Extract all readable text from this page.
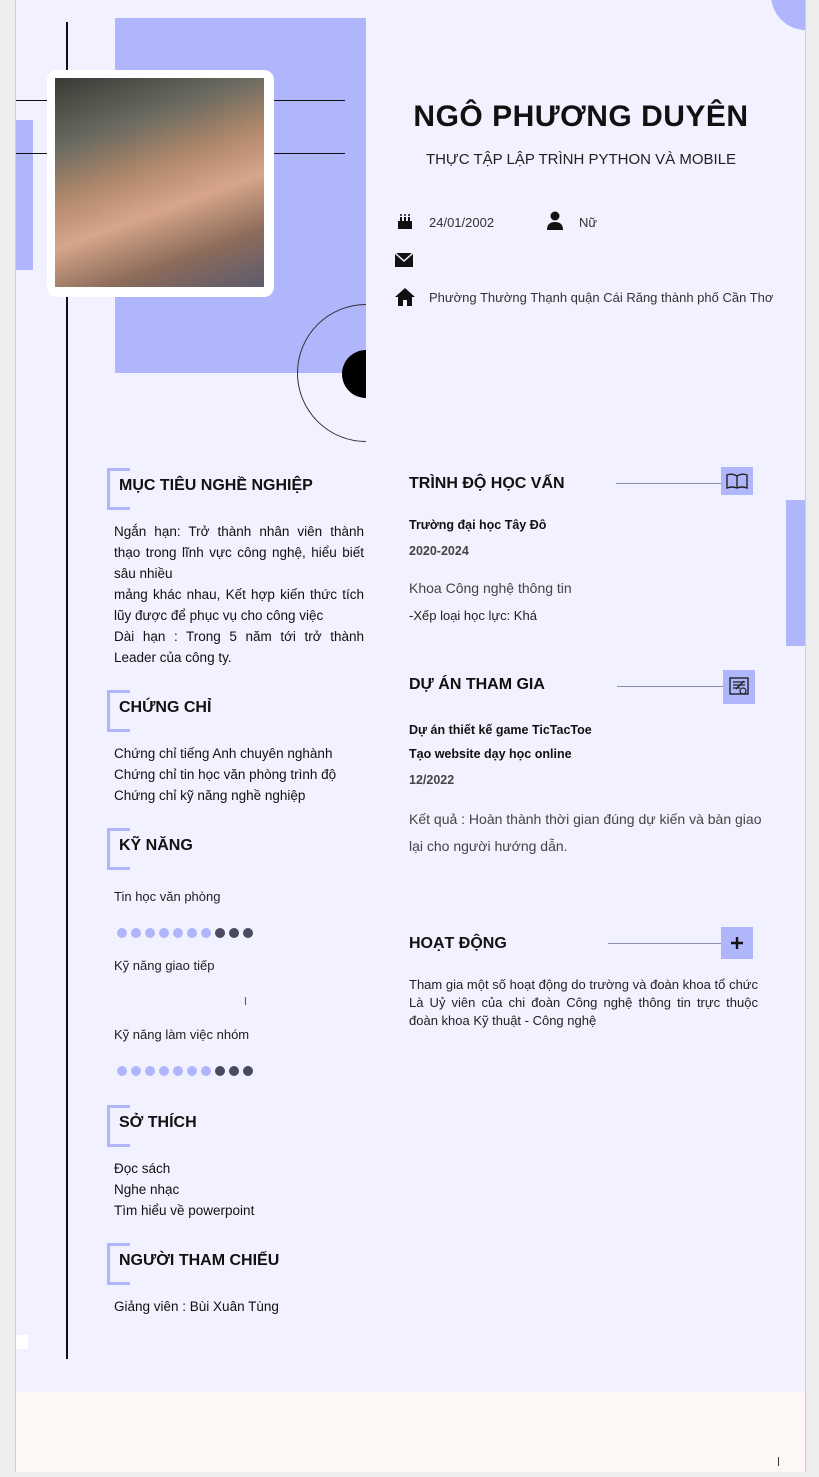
NGÔ PHƯƠNG DUYÊN
THỰC TẬP LẬP TRÌNH PYTHON VÀ MOBILE
24/01/2002	Nữ
Phường Thường Thạnh quận Cái Răng thành phố Cần Thơ
MỤC TIÊU NGHỀ NGHIỆP
Ngắn hạn: Trở thành nhân viên thành thạo trong lĩnh vực công nghệ, hiểu biết sâu nhiều
mảng khác nhau, Kết hợp kiến thức tích lũy được để phục vụ cho công việc
Dài hạn : Trong 5 năm tới trở thành Leader của công ty.
CHỨNG CHỈ
Chứng chỉ tiếng Anh chuyên nghành
Chứng chỉ tin học văn phòng trình độ
Chứng chỉ kỹ năng nghề nghiệp
KỸ NĂNG
Tin học văn phòng
Kỹ năng giao tiếp
Kỹ năng làm việc nhóm
SỞ THÍCH
Đọc sách
Nghe nhạc
Tìm hiểu về powerpoint
NGƯỜI THAM CHIẾU
Giảng viên : Bùi Xuân Tùng
TRÌNH ĐỘ HỌC VẤN
Trường đại học Tây Đô
2020-2024
Khoa Công nghệ thông tin
-Xếp loại học lực: Khá
DỰ ÁN THAM GIA
Dự án thiết kế game TicTacToe
Tạo website dạy học online
12/2022
Kết quả : Hoàn thành thời gian đúng dự kiến và bàn giao lại cho người hướng dẫn.
HOẠT ĐỘNG
Tham gia một số hoạt động do trường và đoàn khoa tổ chức Là Uỷ viên của chi đoàn Công nghệ thông tin trực thuộc đoàn khoa Kỹ thuật - Công nghệ
